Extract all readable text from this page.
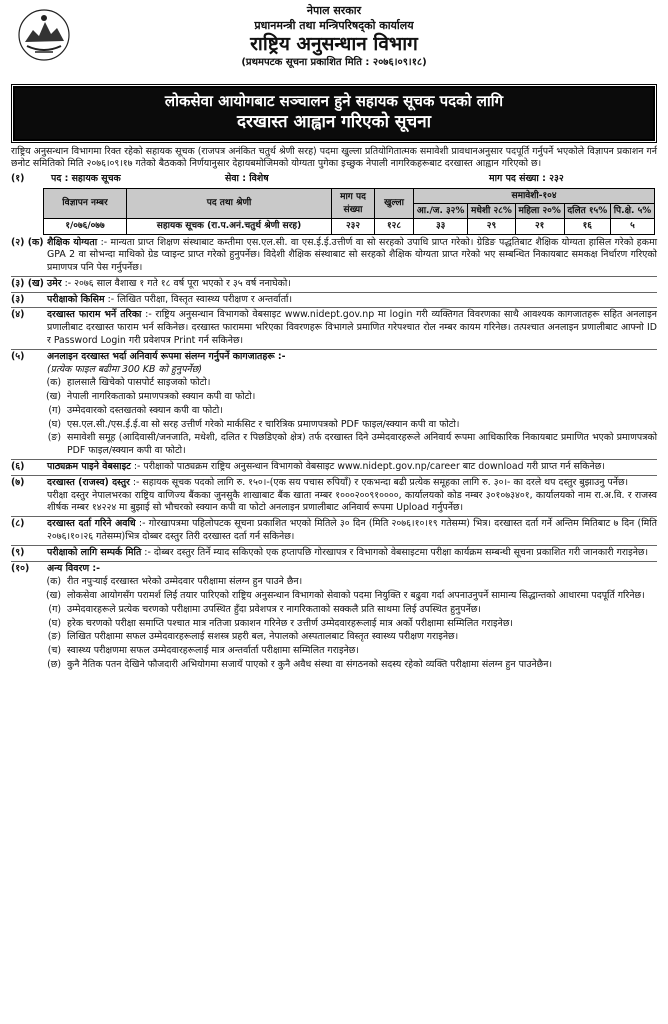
नेपाल सरकार
प्रधानमन्त्री तथा मन्त्रिपरिषद्‌को कार्यालय
राष्ट्रिय अनुसन्धान विभाग
(प्रथमपटक सूचना प्रकाशित मिति : २०७६।०९।१८)
लोकसेवा आयोगबाट सञ्चालन हुने सहायक सूचक पदको लागि
दरखास्त आह्वान गरिएको सूचना

राष्ट्रिय अनुसन्धान विभागमा रिक्त रहेको सहायक सूचक (राजपत्र अनंकित चतुर्थ श्रेणी सरह) पदमा खुल्ला प्रतियोगितात्मक समावेशी प्रावधानअनुसार पदपूर्ति गर्नुपर्ने भएकोले विज्ञापन प्रकाशन गर्न छनोट समितिको मिति २०७६।०९।१७ गतेको बैठकको निर्णयानुसार देहायबमोजिमको योग्यता पुगेका इच्छुक नेपाली नागरिकहरूबाट दरखास्त आह्वान गरिएको छ।

(१)	पद : सहायक सूचक	सेवा : विशेष	माग पद संख्या : २३२
विज्ञापन नम्बर	पद तथा श्रेणी	माग पद संख्या	खुल्ला	समावेशी-१०४				
				आ./ज. ३२%	मधेशी २८%	महिला २०%	दलित १५%	पि.क्षे. ५%
१/०७६/०७७	सहायक सूचक (रा.प.अनं.चतुर्थ श्रेणी सरह)	२३२	१२८	३३	२९	२१	१६	५
(२) (क) शैक्षिक योग्यता :- मान्यता प्राप्त शिक्षण संस्थाबाट कम्तीमा एस.एल.सी. वा एस.ई.ई.उत्तीर्ण वा सो सरहको उपाधि प्राप्त गरेको। ग्रेडिङ पद्धतिबाट शैक्षिक योग्यता हासिल गरेको हकमा GPA 2 वा सोभन्दा माथिको ग्रेड प्वाइन्ट प्राप्त गरेको हुनुपर्नेछ। विदेशी शैक्षिक संस्थाबाट सो सरहको शैक्षिक योग्यता प्राप्त गरेको भए सम्बन्धित निकायबाट समकक्ष निर्धारण गरिएको प्रमाणपत्र पनि पेस गर्नुपर्नेछ।

(३) (ख) उमेर :- २०७६ साल वैशाख १ गते १८ वर्ष पूरा भएको र ३५ वर्ष ननाघेको।

(३)	परीक्षाको किसिम :- लिखित परीक्षा, विस्तृत स्वास्थ्य परीक्षण र अन्तर्वार्ता।

(४)	दरखास्त फाराम भर्ने तरिका :- राष्ट्रिय अनुसन्धान विभागको वेबसाइट www.nidept.gov.np मा login गरी व्यक्तिगत विवरणका साथै आवश्यक कागजातहरू सहित अनलाइन प्रणालीबाट दरखास्त फाराम भर्न सकिनेछ। दरखास्त फाराममा भरिएका विवरणहरू विभागले प्रमाणित गरेपश्चात रोल नम्बर कायम गरिनेछ। तत्पश्चात अनलाइन प्रणालीबाट आफ्नो ID र Password Login गरी प्रवेशपत्र Print गर्न सकिनेछ।

(५)	अनलाइन दरखास्त भर्दा अनिवार्य रूपमा संलग्न गर्नुपर्ने कागजातहरू :-
(प्रत्येक फाइल बढीमा 300 KB को हुनुपर्नेछ)

(क) हालसालै खिचेको पासपोर्ट साइजको फोटो।

(ख) नेपाली नागरिकताको प्रमाणपत्रको स्क्यान कपी वा फोटो।

(ग) उम्मेदवारको दस्तखतको स्क्यान कपी वा फोटो।

(घ) एस.एल.सी./एस.ई.ई.वा सो सरह उत्तीर्ण गरेको मार्कसिट र चारित्रिक प्रमाणपत्रको PDF फाइल/स्क्यान कपी वा फोटो।

(ङ) समावेशी समूह (आदिवासी/जनजाति, मधेशी, दलित र पिछडिएको क्षेत्र) तर्फ दरखास्त दिने उम्मेदवारहरूले अनिवार्य रूपमा आधिकारिक निकायबाट प्रमाणित भएको प्रमाणपत्रको PDF फाइल/स्क्यान कपी वा फोटो।

(६)	पाठ्यक्रम पाइने वेबसाइट :- परीक्षाको पाठ्यक्रम राष्ट्रिय अनुसन्धान विभागको वेबसाइट www.nidept.gov.np/career बाट download गरी प्राप्त गर्न सकिनेछ।

(७)	दरखास्त (राजस्व) दस्तुर :- सहायक सूचक पदको लागि रु. १५०।-(एक सय पचास रुपियाँ) र एकभन्दा बढी प्रत्येक समूहका लागि रु. ३०।- का दरले थप दस्तुर बुझाउनु पर्नेछ।
परीक्षा दस्तुर नेपालभरका राष्ट्रिय वाणिज्य बैंकका जुनसुकै शाखाबाट बैंक खाता नम्बर १०००२००९१००००, कार्यालयको कोड नम्बर ३०१०७३४०१, कार्यालयको नाम रा.अ.वि. र राजस्व शीर्षक नम्बर १४२२४ मा बुझाई सो भौचरको स्क्यान कपी वा फोटो अनलाइन प्रणालीबाट अनिवार्य रूपमा Upload गर्नुपर्नेछ।

(८)	दरखास्त दर्ता गरिने अवधि :- गोरखापत्रमा पहिलोपटक सूचना प्रकाशित भएको मितिले ३० दिन (मिति २०७६।१०।१९ गतेसम्म) भित्र। दरखास्त दर्ता गर्ने अन्तिम मितिबाट ७ दिन (मिति २०७६।१०।२६ गतेसम्म)भित्र दोब्बर दस्तुर तिरी दरखास्त दर्ता गर्न सकिनेछ।

(९)	परीक्षाको लागि सम्पर्क मिति :- दोब्बर दस्तुर तिर्ने म्याद सकिएको एक हप्तापछि गोरखापत्र र विभागको वेबसाइटमा परीक्षा कार्यक्रम सम्बन्धी सूचना प्रकाशित गरी जानकारी गराइनेछ।

(१०)	अन्य विवरण :-

(क) रीत नपुऱ्याई दरखास्त भरेको उम्मेदवार परीक्षामा संलग्न हुन पाउने छैन।

(ख) लोकसेवा आयोगसँग परामर्श लिई तयार पारिएको राष्ट्रिय अनुसन्धान विभागको सेवाको पदमा नियुक्ति र बढुवा गर्दा अपनाउनुपर्ने सामान्य सिद्धान्तको आधारमा पदपूर्ति गरिनेछ।

(ग) उम्मेदवारहरूले प्रत्येक चरणको परीक्षामा उपस्थित हुँदा प्रवेशपत्र र नागरिकताको सक्कलै प्रति साथमा लिई उपस्थित हुनुपर्नेछ।

(घ) हरेक चरणको परीक्षा समाप्ति पश्चात मात्र नतिजा प्रकाशन गरिनेछ र उत्तीर्ण उम्मेदवारहरूलाई मात्र अर्को परीक्षामा सम्मिलित गराइनेछ।

(ङ) लिखित परीक्षामा सफल उम्मेदवारहरूलाई सशस्त्र प्रहरी बल, नेपालको अस्पतालबाट विस्तृत स्वास्थ्य परीक्षण गराइनेछ।

(च) स्वास्थ्य परीक्षणमा सफल उम्मेदवारहरूलाई मात्र अन्तर्वार्ता परीक्षामा सम्मिलित गराइनेछ।

(छ) कुनै नैतिक पतन देखिने फौजदारी अभियोगमा सजायँ पाएको र कुनै अवैध संस्था वा संगठनको सदस्य रहेको व्यक्ति परीक्षामा संलग्न हुन पाउनेछैन।
